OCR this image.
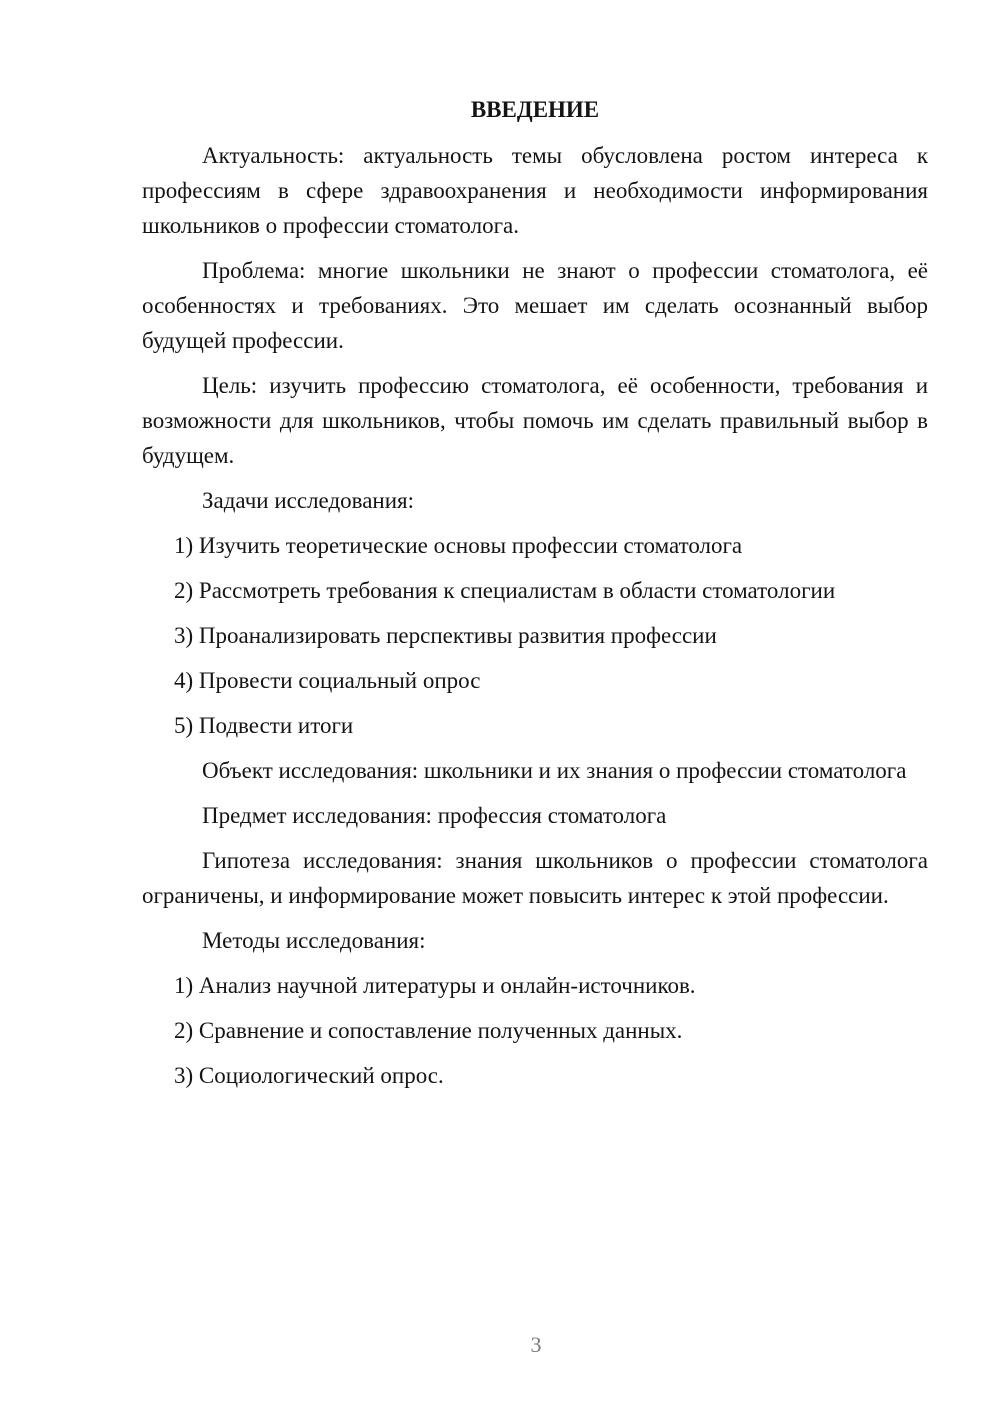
ВВЕДЕНИЕ

Актуальность: актуальность темы обусловлена ростом интереса к профессиям в сфере здравоохранения и необходимости информирования школьников о профессии стоматолога.

Проблема: многие школьники не знают о профессии стоматолога, её особенностях и требованиях. Это мешает им сделать осознанный выбор будущей профессии.

Цель: изучить профессию стоматолога, её особенности, требования и возможности для школьников, чтобы помочь им сделать правильный выбор в будущем.

Задачи исследования:
1) Изучить теоретические основы профессии стоматолога
2) Рассмотреть требования к специалистам в области стоматологии
3) Проанализировать перспективы развития профессии
4) Провести социальный опрос
5) Подвести итоги

Объект исследования: школьники и их знания о профессии стоматолога

Предмет исследования: профессия стоматолога

Гипотеза исследования: знания школьников о профессии стоматолога ограничены, и информирование может повысить интерес к этой профессии.

Методы исследования:
1) Анализ научной литературы и онлайн-источников.
2) Сравнение и сопоставление полученных данных.
3) Социологический опрос.
3
